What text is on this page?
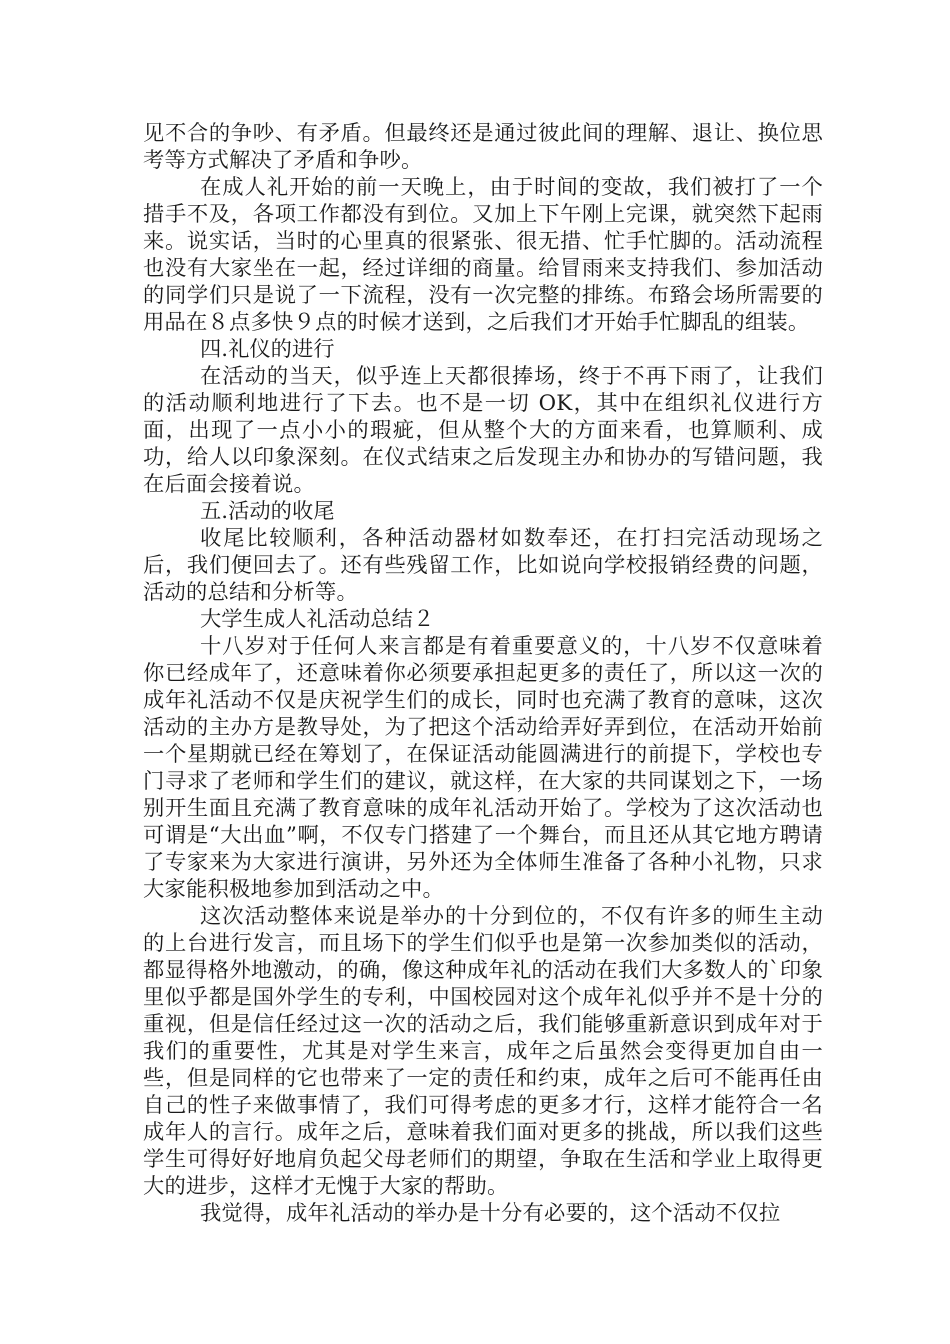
见不合的争吵、有矛盾。但最终还是通过彼此间的理解、退让、换位思考等方式解决了矛盾和争吵。

在成人礼开始的前一天晚上，由于时间的变故，我们被打了一个措手不及，各项工作都没有到位。又加上下午刚上完课，就突然下起雨来。说实话，当时的心里真的很紧张、很无措、忙手忙脚的。活动流程也没有大家坐在一起，经过详细的商量。给冒雨来支持我们、参加活动的同学们只是说了一下流程，没有一次完整的排练。布臵会场所需要的用品在８点多快９点的时候才送到，之后我们才开始手忙脚乱的组装。

四.礼仪的进行

在活动的当天，似乎连上天都很捧场，终于不再下雨了，让我们的活动顺利地进行了下去。也不是一切 OK，其中在组织礼仪进行方面，出现了一点小小的瑕疵，但从整个大的方面来看，也算顺利、成功，给人以印象深刻。在仪式结束之后发现主办和协办的写错问题，我在后面会接着说。

五.活动的收尾

收尾比较顺利，各种活动器材如数奉还，在打扫完活动现场之后，我们便回去了。还有些残留工作，比如说向学校报销经费的问题，活动的总结和分析等。

大学生成人礼活动总结２

十八岁对于任何人来言都是有着重要意义的，十八岁不仅意味着你已经成年了，还意味着你必须要承担起更多的责任了，所以这一次的成年礼活动不仅是庆祝学生们的成长，同时也充满了教育的意味，这次活动的主办方是教导处，为了把这个活动给弄好弄到位，在活动开始前一个星期就已经在筹划了，在保证活动能圆满进行的前提下，学校也专门寻求了老师和学生们的建议，就这样，在大家的共同谋划之下，一场别开生面且充满了教育意味的成年礼活动开始了。学校为了这次活动也可谓是“大出血”啊，不仅专门搭建了一个舞台，而且还从其它地方聘请了专家来为大家进行演讲，另外还为全体师生准备了各种小礼物，只求大家能积极地参加到活动之中。

这次活动整体来说是举办的十分到位的，不仅有许多的师生主动的上台进行发言，而且场下的学生们似乎也是第一次参加类似的活动，都显得格外地激动，的确，像这种成年礼的活动在我们大多数人的`印象里似乎都是国外学生的专利，中国校园对这个成年礼似乎并不是十分的重视，但是信任经过这一次的活动之后，我们能够重新意识到成年对于我们的重要性，尤其是对学生来言，成年之后虽然会变得更加自由一些，但是同样的它也带来了一定的责任和约束，成年之后可不能再任由自己的性子来做事情了，我们可得考虑的更多才行，这样才能符合一名成年人的言行。成年之后，意味着我们面对更多的挑战，所以我们这些学生可得好好地肩负起父母老师们的期望，争取在生活和学业上取得更大的进步，这样才无愧于大家的帮助。

我觉得，成年礼活动的举办是十分有必要的，这个活动不仅拉
